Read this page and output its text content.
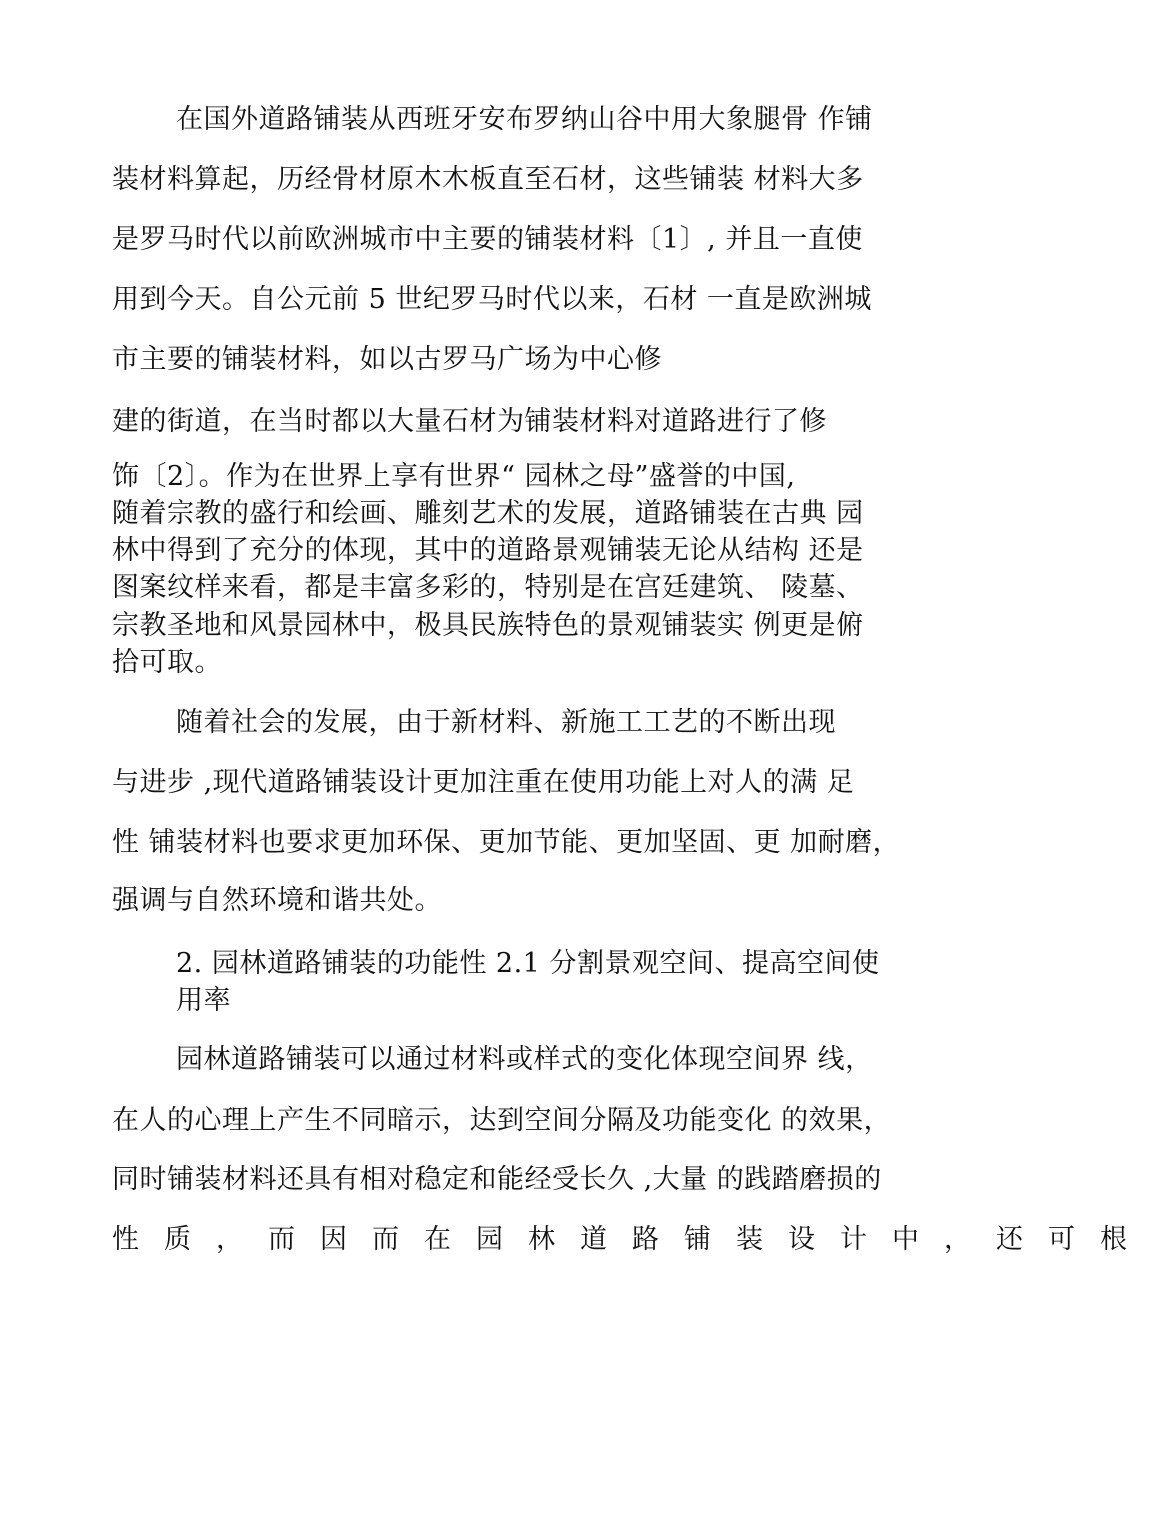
在国外道路铺装从西班牙安布罗纳山谷中用大象腿骨 作铺
装材料算起，历经骨材原木木板直至石材，这些铺装 材料大多
是罗马时代以前欧洲城市中主要的铺装材料〔1〕, 并且一直使
用到今天。自公元前 5 世纪罗马时代以来，石材 一直是欧洲城
市主要的铺装材料，如以古罗马广场为中心修
建的街道，在当时都以大量石材为铺装材料对道路进行了修
饰〔2〕。作为在世界上享有世界“ 园林之母”盛誉的中国,
随着宗教的盛行和绘画、雕刻艺术的发展，道路铺装在古典 园
林中得到了充分的体现，其中的道路景观铺装无论从结构 还是
图案纹样来看，都是丰富多彩的，特别是在宫廷建筑、 陵墓、
宗教圣地和风景园林中，极具民族特色的景观铺装实 例更是俯
拾可取。
随着社会的发展，由于新材料、新施工工艺的不断出现
与进步 ,现代道路铺装设计更加注重在使用功能上对人的满 足
性 铺装材料也要求更加环保、更加节能、更加坚固、更 加耐磨，
强调与自然环境和谐共处。
2. 园林道路铺装的功能性 2.1 分割景观空间、提高空间使
用率
园林道路铺装可以通过材料或样式的变化体现空间界 线，
在人的心理上产生不同暗示，达到空间分隔及功能变化 的效果，
同时铺装材料还具有相对稳定和能经受长久 ,大量 的践踏磨损的
性质，而因而在园林道路铺装设计中，还可根
